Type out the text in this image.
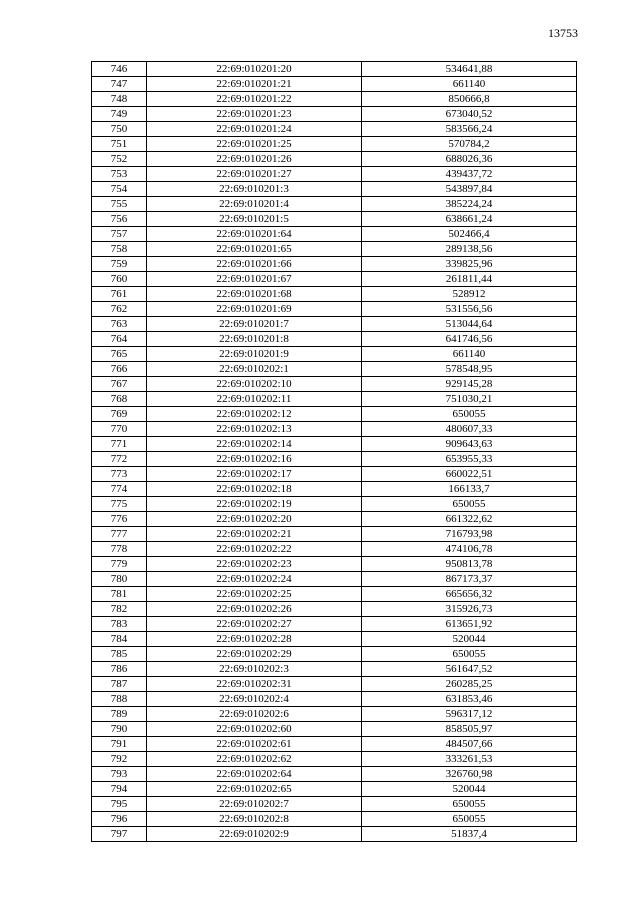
13753
746	22:69:010201:20	534641,88
747	22:69:010201:21	661140
748	22:69:010201:22	850666,8
749	22:69:010201:23	673040,52
750	22:69:010201:24	583566,24
751	22:69:010201:25	570784,2
752	22:69:010201:26	688026,36
753	22:69:010201:27	439437,72
754	22:69:010201:3	543897,84
755	22:69:010201:4	385224,24
756	22:69:010201:5	638661,24
757	22:69:010201:64	502466,4
758	22:69:010201:65	289138,56
759	22:69:010201:66	339825,96
760	22:69:010201:67	261811,44
761	22:69:010201:68	528912
762	22:69:010201:69	531556,56
763	22:69:010201:7	513044,64
764	22:69:010201:8	641746,56
765	22:69:010201:9	661140
766	22:69:010202:1	578548,95
767	22:69:010202:10	929145,28
768	22:69:010202:11	751030,21
769	22:69:010202:12	650055
770	22:69:010202:13	480607,33
771	22:69:010202:14	909643,63
772	22:69:010202:16	653955,33
773	22:69:010202:17	660022,51
774	22:69:010202:18	166133,7
775	22:69:010202:19	650055
776	22:69:010202:20	661322,62
777	22:69:010202:21	716793,98
778	22:69:010202:22	474106,78
779	22:69:010202:23	950813,78
780	22:69:010202:24	867173,37
781	22:69:010202:25	665656,32
782	22:69:010202:26	315926,73
783	22:69:010202:27	613651,92
784	22:69:010202:28	520044
785	22:69:010202:29	650055
786	22:69:010202:3	561647,52
787	22:69:010202:31	260285,25
788	22:69:010202:4	631853,46
789	22:69:010202:6	596317,12
790	22:69:010202:60	858505,97
791	22:69:010202:61	484507,66
792	22:69:010202:62	333261,53
793	22:69:010202:64	326760,98
794	22:69:010202:65	520044
795	22:69:010202:7	650055
796	22:69:010202:8	650055
797	22:69:010202:9	51837,4
